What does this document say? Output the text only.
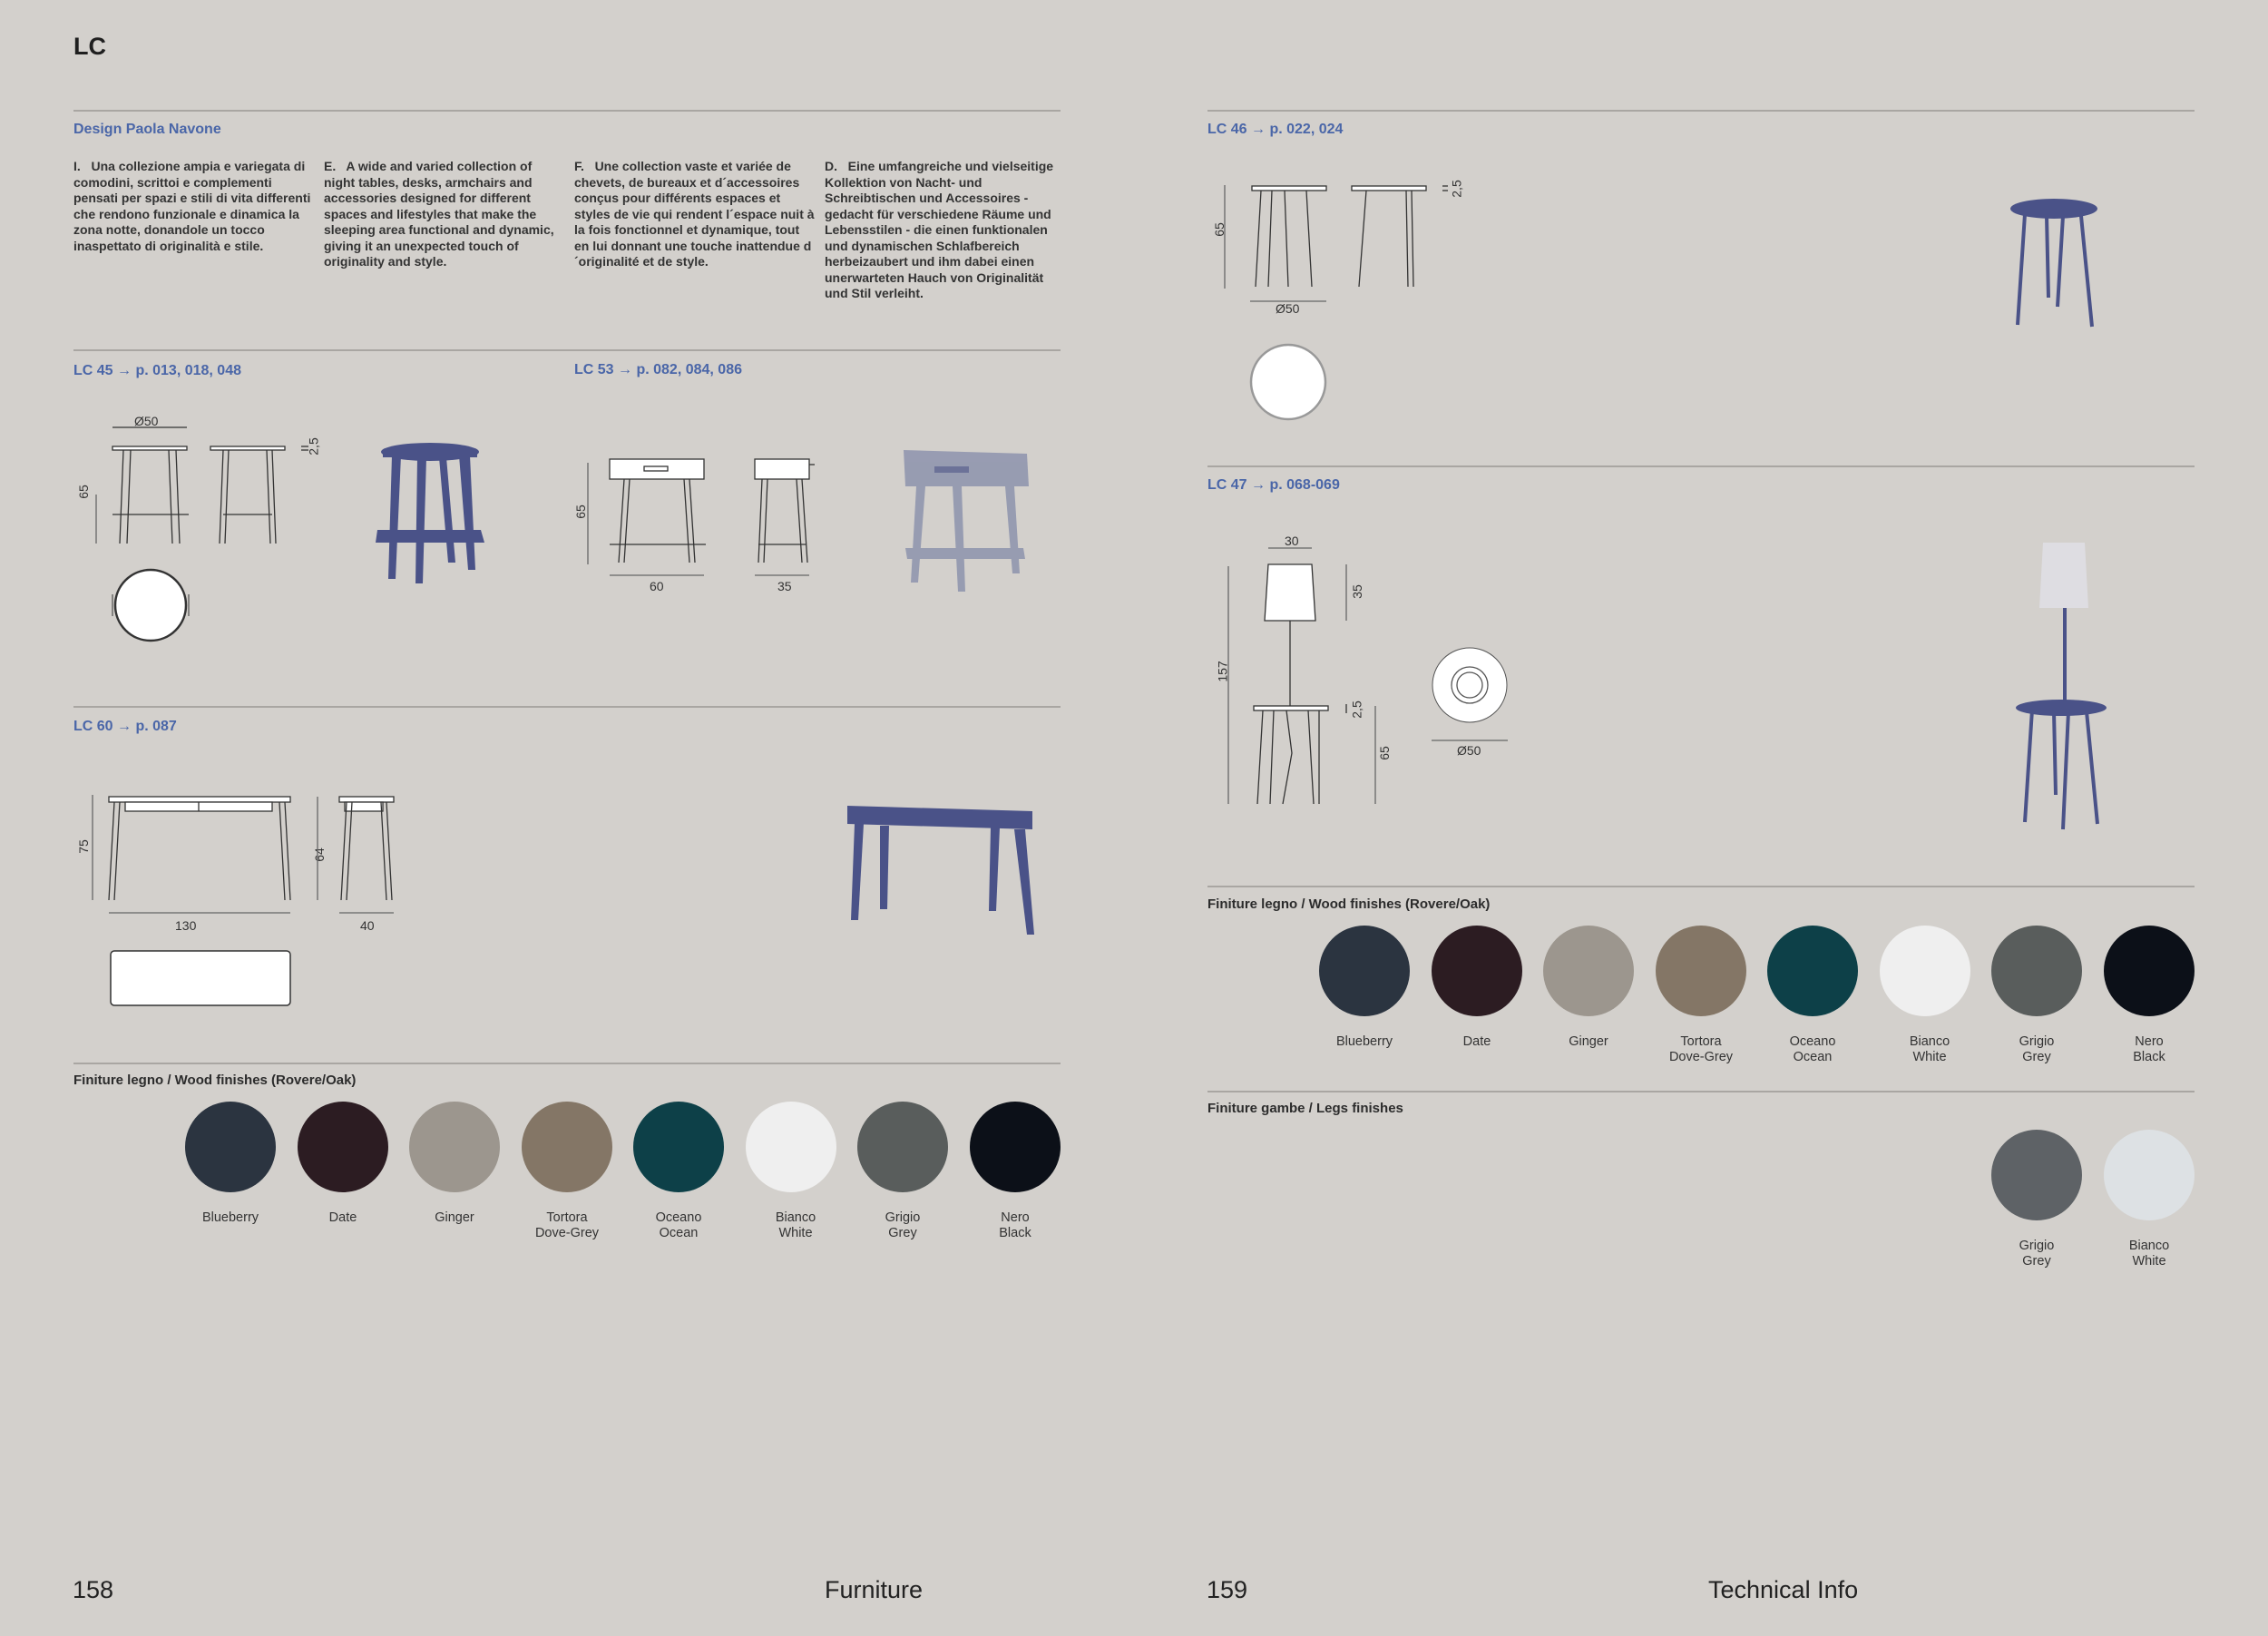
LC
Design Paola Navone
I. Una collezione ampia e variegata di comodini, scrittoi e complementi pensati per spazi e stili di vita differenti che rendono funzionale e dinamica la zona notte, donandole un tocco inaspettato di originalità e stile.
E. A wide and varied collection of night tables, desks, armchairs and accessories designed for different spaces and lifestyles that make the sleeping area functional and dynamic, giving it an unexpected touch of originality and style.
F. Une collection vaste et variée de chevets, de bureaux et d´accessoires conçus pour différents espaces et styles de vie qui rendent l´espace nuit à la fois fonctionnel et dynamique, tout en lui donnant une touche inattendue d´originalité et de style.
D. Eine umfangreiche und vielseitige Kollektion von Nacht- und Schreibtischen und Accessoires - gedacht für verschiedene Räume und Lebensstilen - die einen funktionalen und dynamischen Schlafbereich herbeizaubert und ihm dabei einen unerwarteten Hauch von Originalität und Stil verleiht.
LC 45 → p. 013, 018, 048
Ø50
65
2,5
LC 53 → p. 082, 084, 086
65
60	35
LC 60 → p. 087
75
130
64
40
Finiture legno / Wood finishes (Rovere/Oak)
Blueberry	Date	Ginger	Tortora
Dove-Grey
Oceano
Ocean
Bianco
White
Grigio
Grey
Nero
Black
158	Furniture
LC 46 → p. 022, 024
65
Ø50
2,5
LC 47 → p. 068-069
30
35
157
2,5
65	Ø50
Finiture legno / Wood finishes (Rovere/Oak)
Blueberry	Date	Ginger	Tortora
Dove-Grey
Oceano
Ocean
Bianco
White
Grigio
Grey
Nero
Black
Finiture gambe / Legs finishes
Grigio
Grey
Bianco
White
159	Technical Info
